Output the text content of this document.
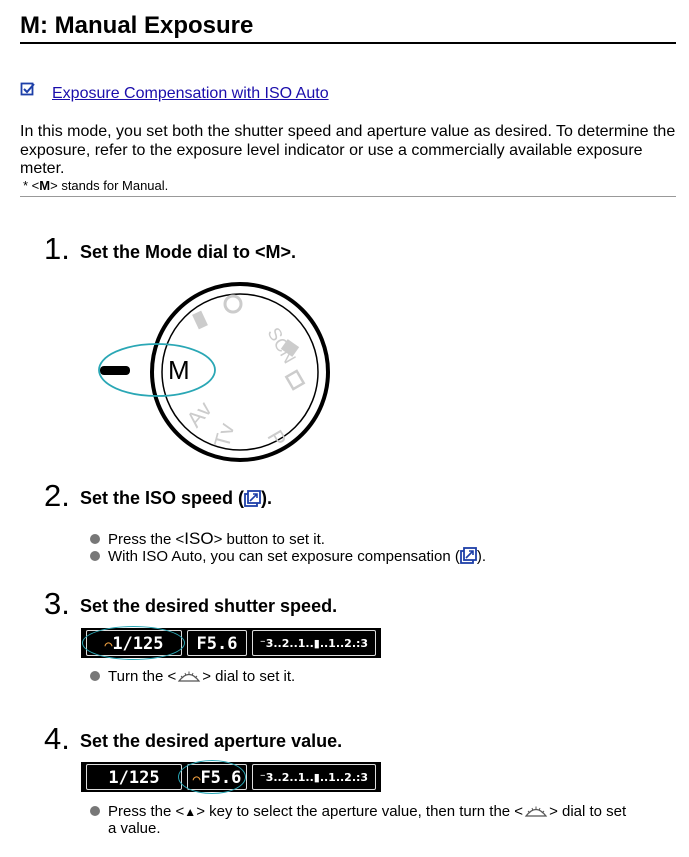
M: Manual Exposure
Exposure Compensation with ISO Auto
In this mode, you set both the shutter speed and aperture value as desired. To determine the exposure, refer to the exposure level indicator or use a commercially available exposure meter.
* <M> stands for Manual.
1. Set the Mode dial to <M>.
SCN
Av
Tv P
M
2. Set the ISO speed ( ).
Press the <ISO> button to set it.
With ISO Auto, you can set exposure compensation ( ).
3. Set the desired shutter speed.
⌒1/125	F5.6	⁻3..2..1..▮..1..2.:3
Turn the < > dial to set it.
4. Set the desired aperture value.
1/125	⌒F5.6	⁻3..2..1..▮..1..2.:3
Press the <▲> key to select the aperture value, then turn the < > dial to set
a value.
